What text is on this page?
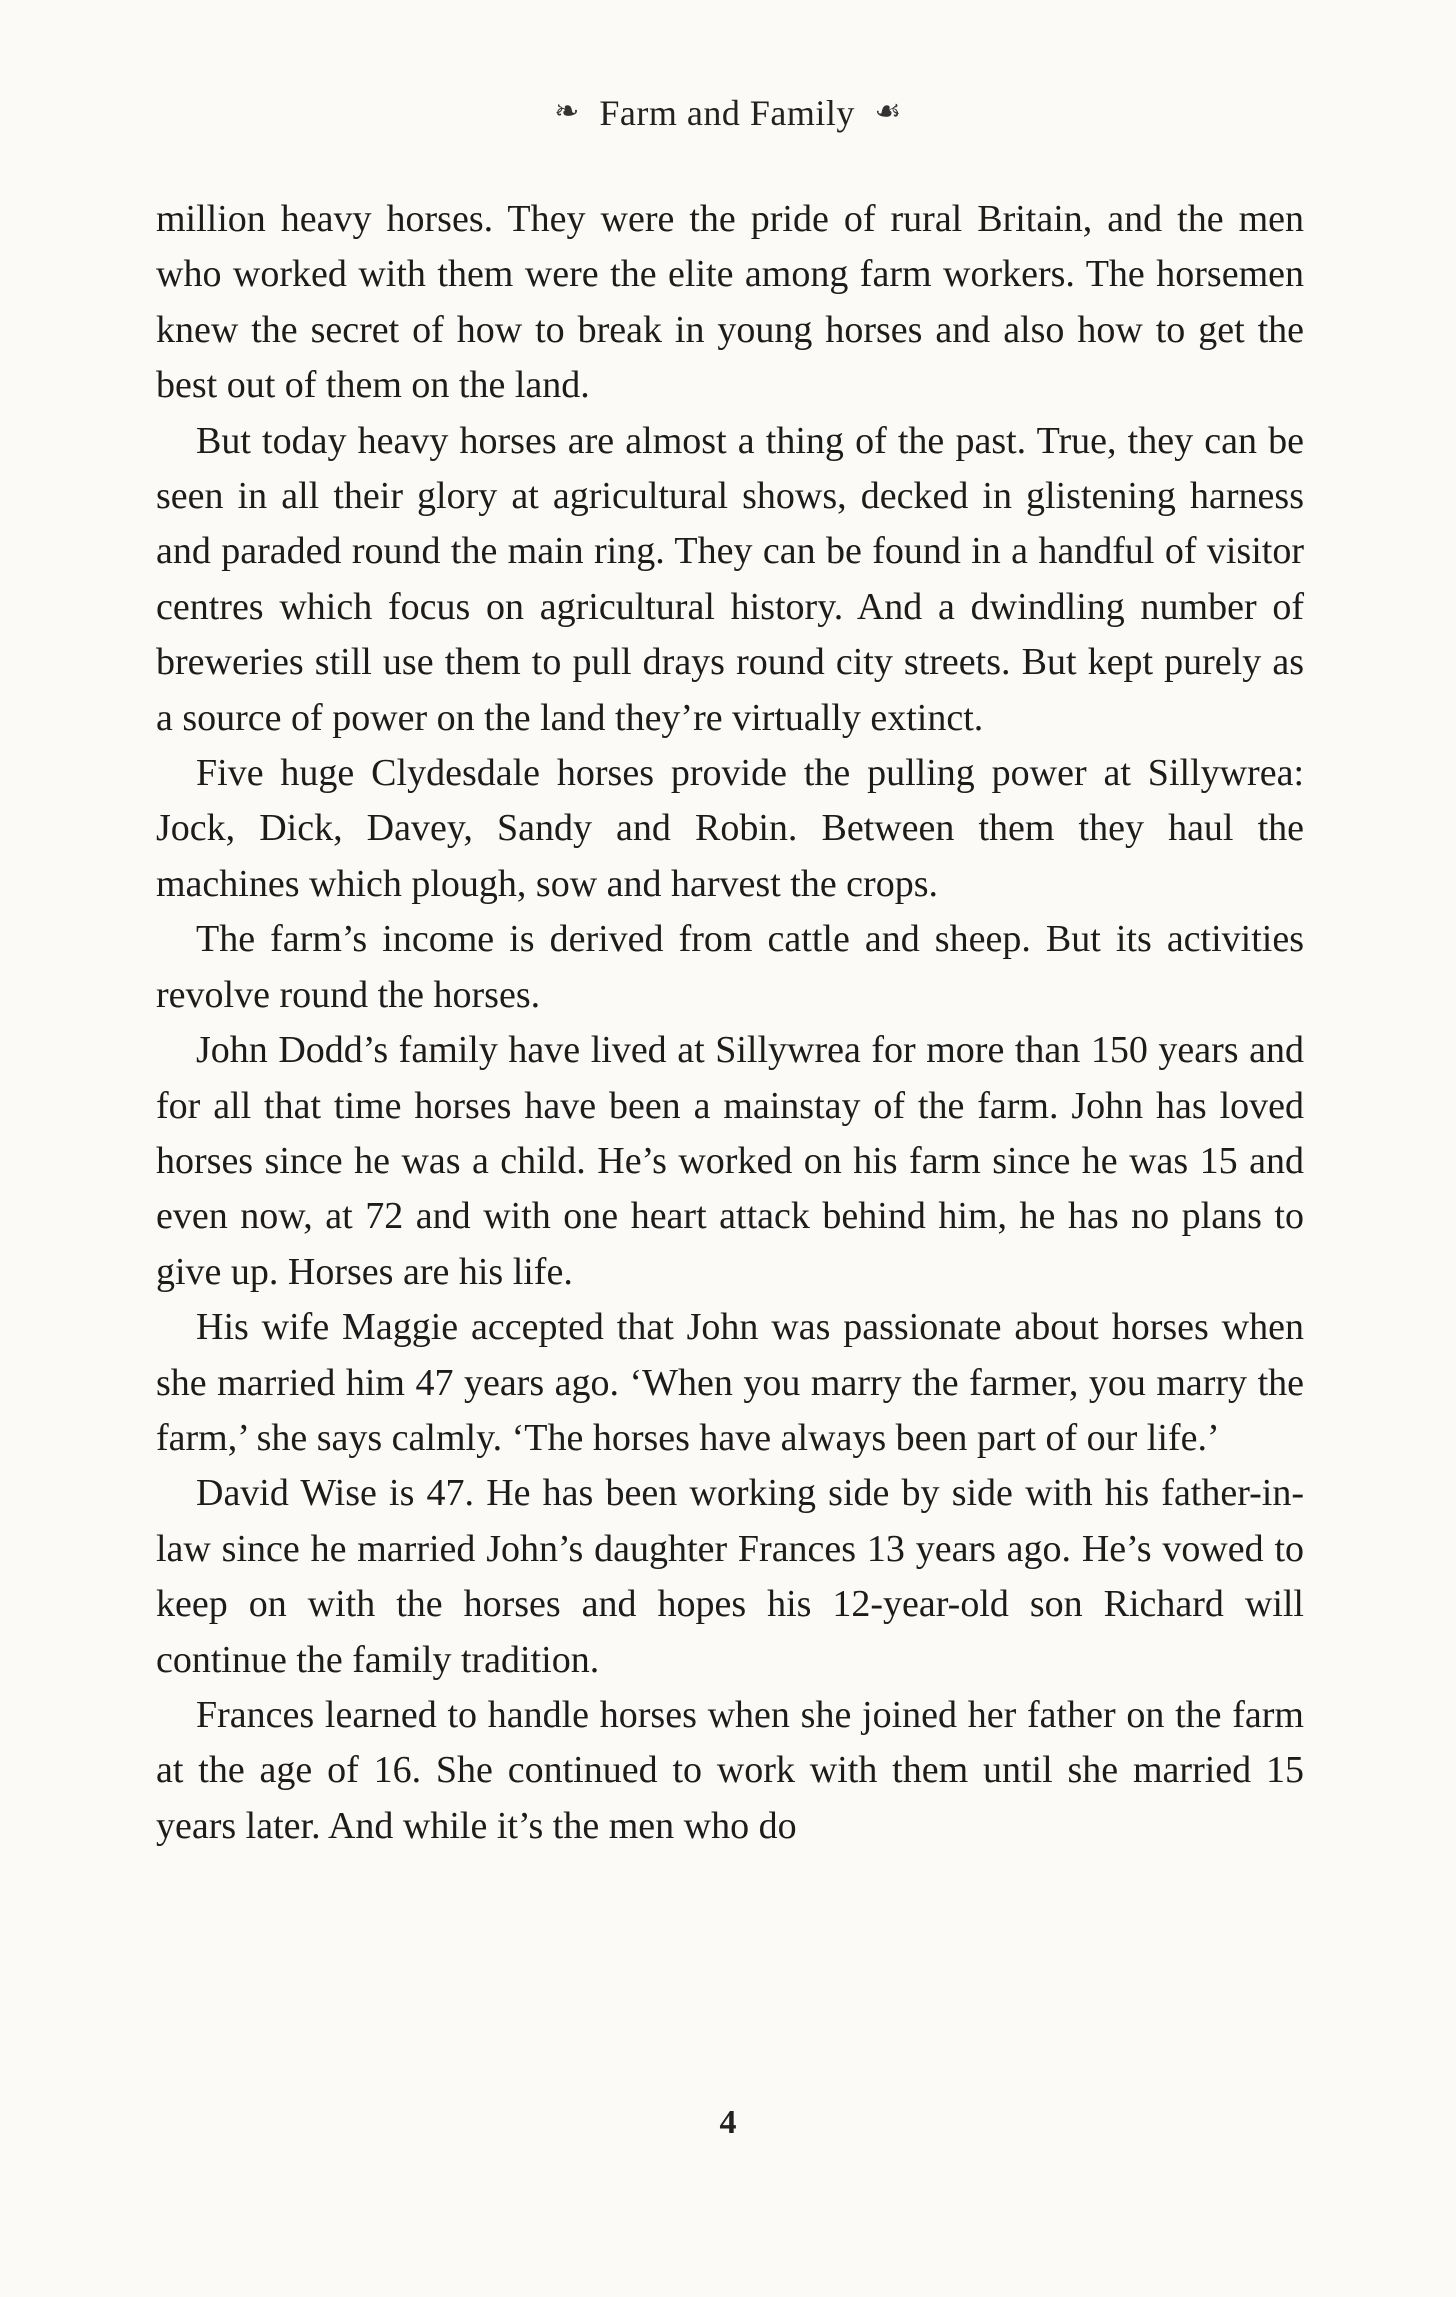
❧ Farm and Family ☙

million heavy horses. They were the pride of rural Britain, and the men who worked with them were the elite among farm workers. The horsemen knew the secret of how to break in young horses and also how to get the best out of them on the land.

But today heavy horses are almost a thing of the past. True, they can be seen in all their glory at agricultural shows, decked in glistening harness and paraded round the main ring. They can be found in a handful of visitor centres which focus on agricultural history. And a dwindling number of breweries still use them to pull drays round city streets. But kept purely as a source of power on the land they’re virtually extinct.

Five huge Clydesdale horses provide the pulling power at Sillywrea: Jock, Dick, Davey, Sandy and Robin. Between them they haul the machines which plough, sow and harvest the crops.

The farm’s income is derived from cattle and sheep. But its activities revolve round the horses.

John Dodd’s family have lived at Sillywrea for more than 150 years and for all that time horses have been a mainstay of the farm. John has loved horses since he was a child. He’s worked on his farm since he was 15 and even now, at 72 and with one heart attack behind him, he has no plans to give up. Horses are his life.

His wife Maggie accepted that John was passionate about horses when she married him 47 years ago. ‘When you marry the farmer, you marry the farm,’ she says calmly. ‘The horses have always been part of our life.’

David Wise is 47. He has been working side by side with his father-in-law since he married John’s daughter Frances 13 years ago. He’s vowed to keep on with the horses and hopes his 12-year-old son Richard will continue the family tradition.

Frances learned to handle horses when she joined her father on the farm at the age of 16. She continued to work with them until she married 15 years later. And while it’s the men who do

4
